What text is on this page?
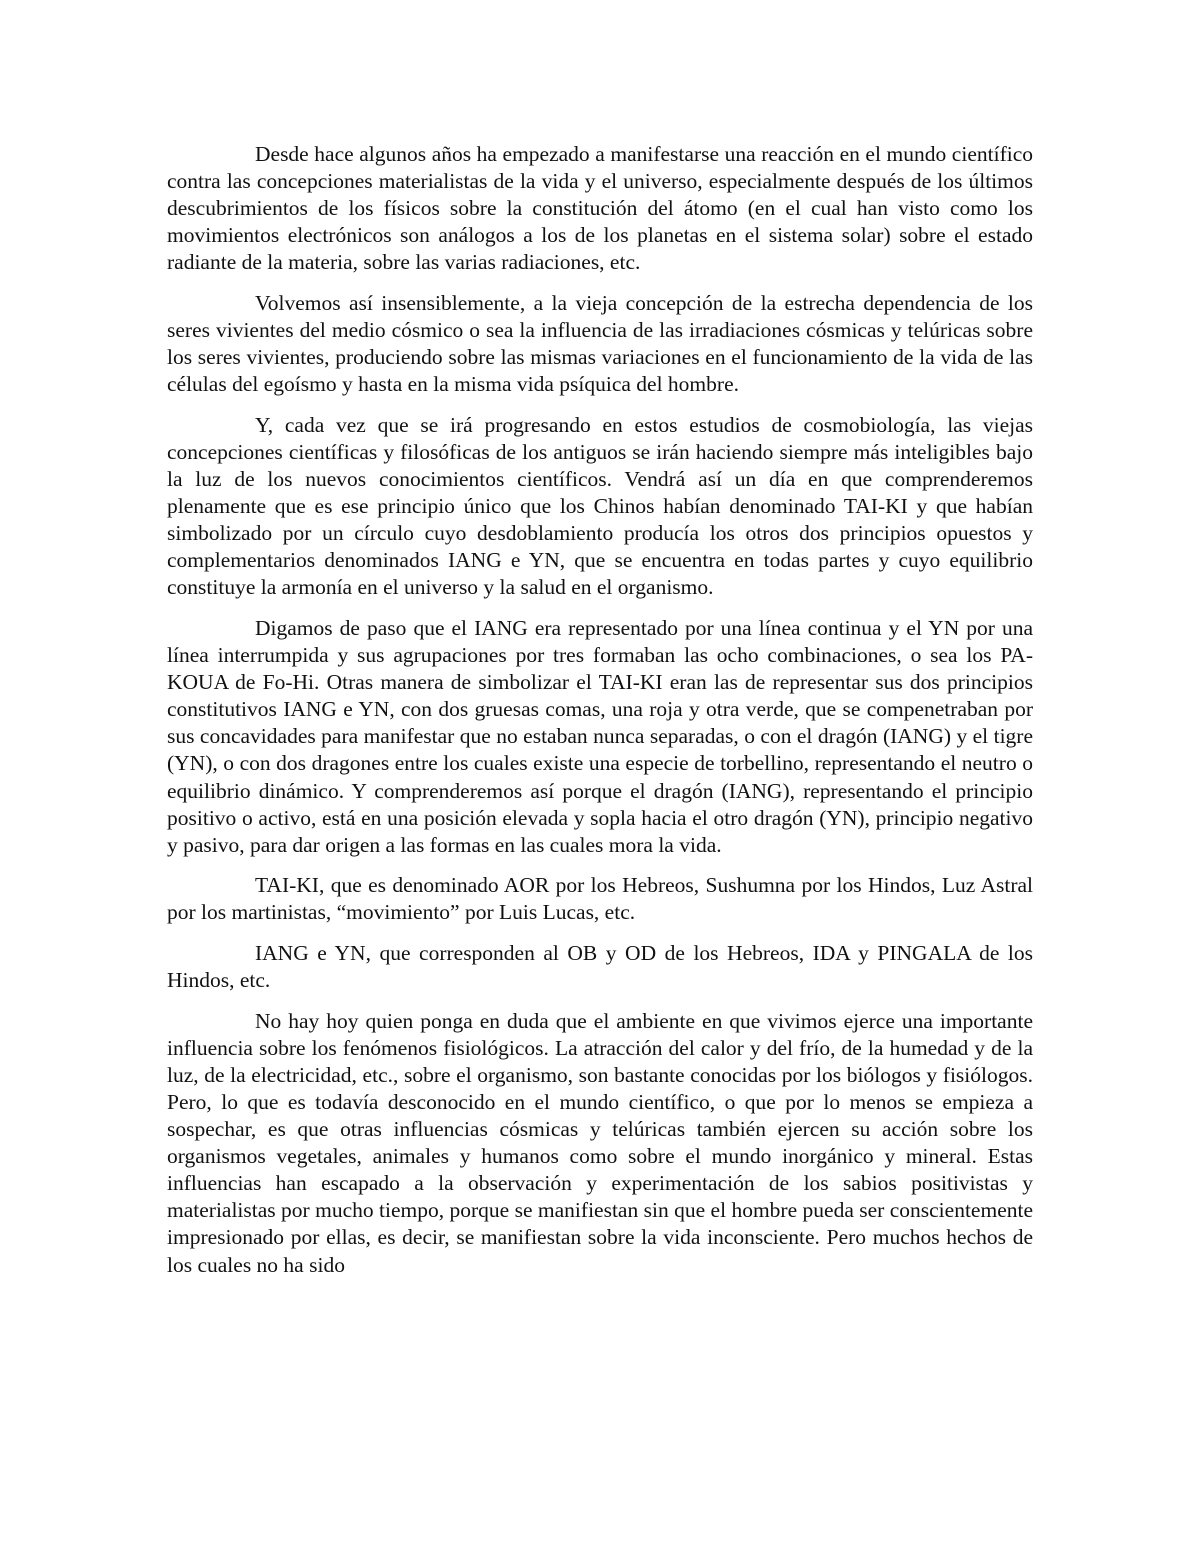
Desde hace algunos años ha empezado a manifestarse una reacción en el mundo científico contra las concepciones materialistas de la vida y el universo, especialmente después de los últimos descubrimientos de los físicos sobre la constitución del átomo (en el cual han visto como los movimientos electrónicos son análogos a los de los planetas en el sistema solar) sobre el estado radiante de la materia, sobre las varias radiaciones, etc.

Volvemos así insensiblemente, a la vieja concepción de la estrecha dependencia de los seres vivientes del medio cósmico o sea la influencia de las irradiaciones cósmicas y telúricas sobre los seres vivientes, produciendo sobre las mismas variaciones en el funcionamiento de la vida de las células del egoísmo y hasta en la misma vida psíquica del hombre.

Y, cada vez que se irá progresando en estos estudios de cosmobiología, las viejas concepciones científicas y filosóficas de los antiguos se irán haciendo siempre más inteligibles bajo la luz de los nuevos conocimientos científicos. Vendrá así un día en que comprenderemos plenamente que es ese principio único que los Chinos habían denominado TAI-KI y que habían simbolizado por un círculo cuyo desdoblamiento producía los otros dos principios opuestos y complementarios denominados IANG e YN, que se encuentra en todas partes y cuyo equilibrio constituye la armonía en el universo y la salud en el organismo.

Digamos de paso que el IANG era representado por una línea continua y el YN por una línea interrumpida y sus agrupaciones por tres formaban las ocho combinaciones, o sea los PA-KOUA de Fo-Hi. Otras manera de simbolizar el TAI-KI eran las de representar sus dos principios constitutivos IANG e YN, con dos gruesas comas, una roja y otra verde, que se compenetraban por sus concavidades para manifestar que no estaban nunca separadas, o con el dragón (IANG) y el tigre (YN), o con dos dragones entre los cuales existe una especie de torbellino, representando el neutro o equilibrio dinámico. Y comprenderemos así porque el dragón (IANG), representando el principio positivo o activo, está en una posición elevada y sopla hacia el otro dragón (YN), principio negativo y pasivo, para dar origen a las formas en las cuales mora la vida.

TAI-KI, que es denominado AOR por los Hebreos, Sushumna por los Hindos, Luz Astral por los martinistas, “movimiento” por Luis Lucas, etc.

IANG e YN, que corresponden al OB y OD de los Hebreos, IDA y PINGALA de los Hindos, etc.

No hay hoy quien ponga en duda que el ambiente en que vivimos ejerce una importante influencia sobre los fenómenos fisiológicos. La atracción del calor y del frío, de la humedad y de la luz, de la electricidad, etc., sobre el organismo, son bastante conocidas por los biólogos y fisiólogos. Pero, lo que es todavía desconocido en el mundo científico, o que por lo menos se empieza a sospechar, es que otras influencias cósmicas y telúricas también ejercen su acción sobre los organismos vegetales, animales y humanos como sobre el mundo inorgánico y mineral. Estas influencias han escapado a la observación y experimentación de los sabios positivistas y materialistas por mucho tiempo, porque se manifiestan sin que el hombre pueda ser conscientemente impresionado por ellas, es decir, se manifiestan sobre la vida inconsciente. Pero muchos hechos de los cuales no ha sido
